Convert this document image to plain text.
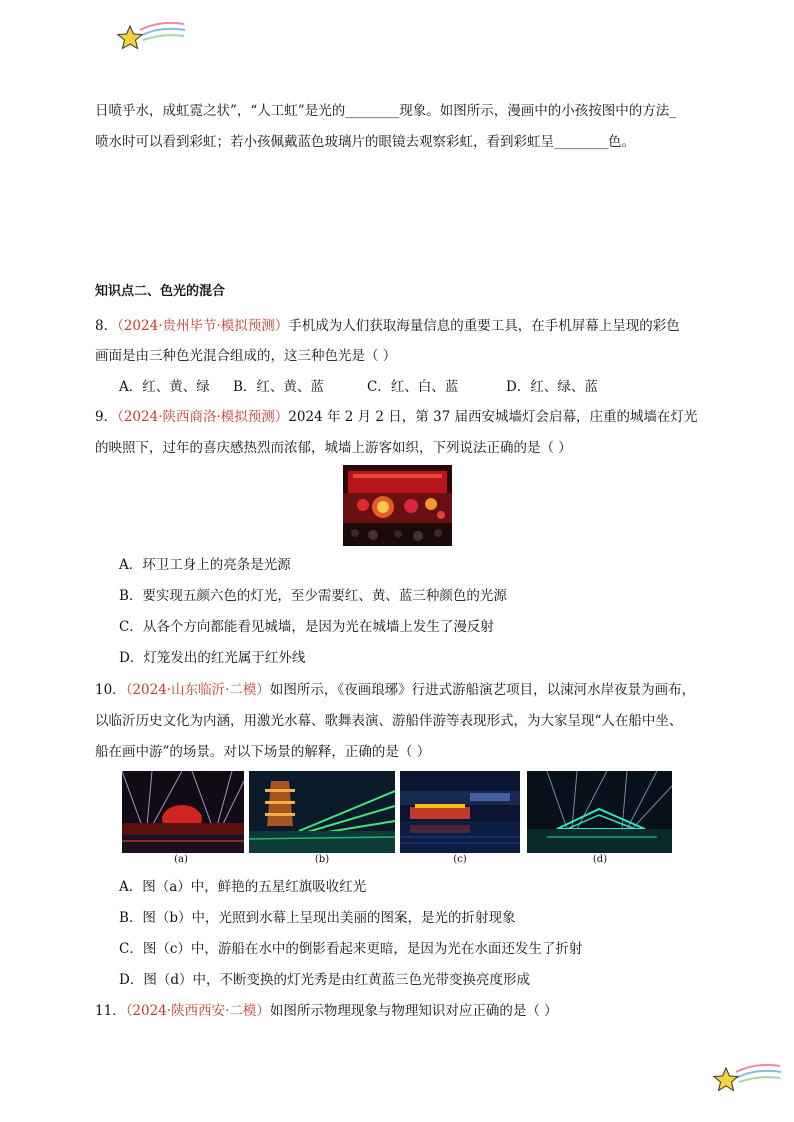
日喷乎水，成虹霓之状”，“人工虹”是光的________现象。如图所示，漫画中的小孩按图中的方法_
喷水时可以看到彩虹；若小孩佩戴蓝色玻璃片的眼镜去观察彩虹，看到彩虹呈________色。
知识点二、色光的混合
8．（2024·贵州毕节·模拟预测）手机成为人们获取海量信息的重要工具，在手机屏幕上呈现的彩色
画面是由三种色光混合组成的，这三种色光是（ ）
A．红、黄、绿 B．红、黄、蓝	C．红、白、蓝	D．红、绿、蓝
9．（2024·陕西商洛·模拟预测）2024 年 2 月 2 日，第 37 届西安城墙灯会启幕，庄重的城墙在灯光
的映照下，过年的喜庆感热烈而浓郁，城墙上游客如织，下列说法正确的是（ ）
A．环卫工身上的亮条是光源
B．要实现五颜六色的灯光，至少需要红、黄、蓝三种颜色的光源
C．从各个方向都能看见城墙，是因为光在城墙上发生了漫反射
D．灯笼发出的红光属于红外线
10．（2024·山东临沂·二模）如图所示，《夜画琅琊》行进式游船演艺项目，以涑河水岸夜景为画布，
以临沂历史文化为内涵，用激光水幕、歌舞表演、游船伴游等表现形式，为大家呈现“人在船中坐、
船在画中游”的场景。对以下场景的解释，正确的是（ ）
(a)	(b)	(c)	(d)
A．图（a）中，鲜艳的五星红旗吸收红光
B．图（b）中，光照到水幕上呈现出美丽的图案，是光的折射现象
C．图（c）中，游船在水中的倒影看起来更暗，是因为光在水面还发生了折射
D．图（d）中，不断变换的灯光秀是由红黄蓝三色光带变换亮度形成
11．（2024·陕西西安·二模）如图所示物理现象与物理知识对应正确的是（ ）
